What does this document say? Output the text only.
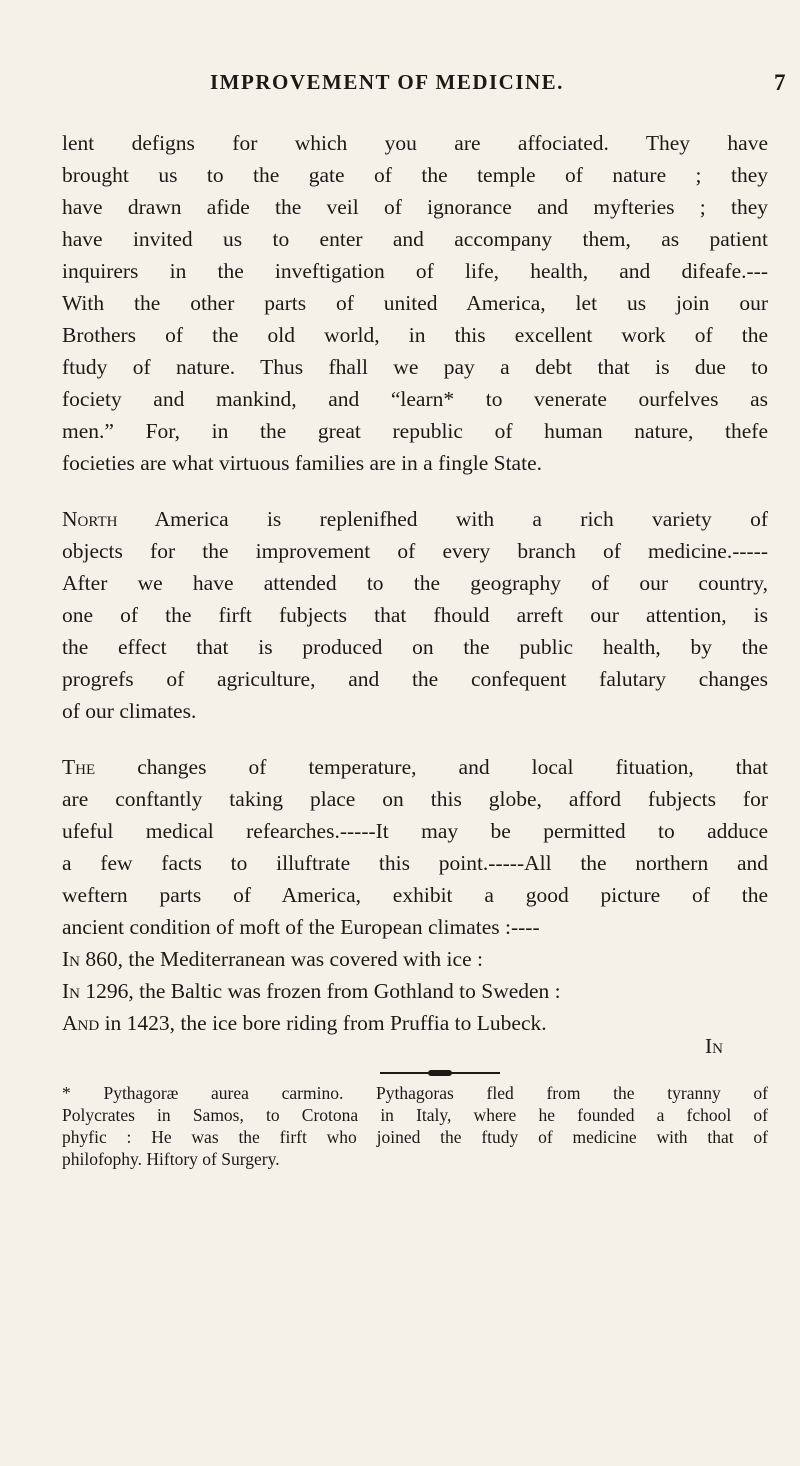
IMPROVEMENT OF MEDICINE.	7

lent defigns for which you are affociated. They have
brought us to the gate of the temple of nature ; they
have drawn afide the veil of ignorance and myfteries ; they
have invited us to enter and accompany them, as patient
inquirers in the inveftigation of life, health, and difeafe.---
With the other parts of united America, let us join our
Brothers of the old world, in this excellent work of the
ftudy of nature. Thus fhall we pay a debt that is due to
fociety and mankind, and “learn* to venerate ourfelves as
men.” For, in the great republic of human nature, thefe
focieties are what virtuous families are in a fingle State.

North America is replenifhed with a rich variety of
objects for the improvement of every branch of medicine.-----
After we have attended to the geography of our country,
one of the firft fubjects that fhould arreft our attention, is
the effect that is produced on the public health, by the
progrefs of agriculture, and the confequent falutary changes
of our climates.

The changes of temperature, and local fituation, that
are conftantly taking place on this globe, afford fubjects for
ufeful medical refearches.-----It may be permitted to adduce
a few facts to illuftrate this point.-----All the northern and
weftern parts of America, exhibit a good picture of the
ancient condition of moft of the European climates :----

In 860, the Mediterranean was covered with ice :
In 1296, the Baltic was frozen from Gothland to Sweden :
And in 1423, the ice bore riding from Pruffia to Lubeck.

In
* Pythagoræ aurea carmino. Pythagoras fled from the tyranny of
Polycrates in Samos, to Crotona in Italy, where he founded a fchool of
phyfic : He was the firft who joined the ftudy of medicine with that of
philofophy. Hiftory of Surgery.
